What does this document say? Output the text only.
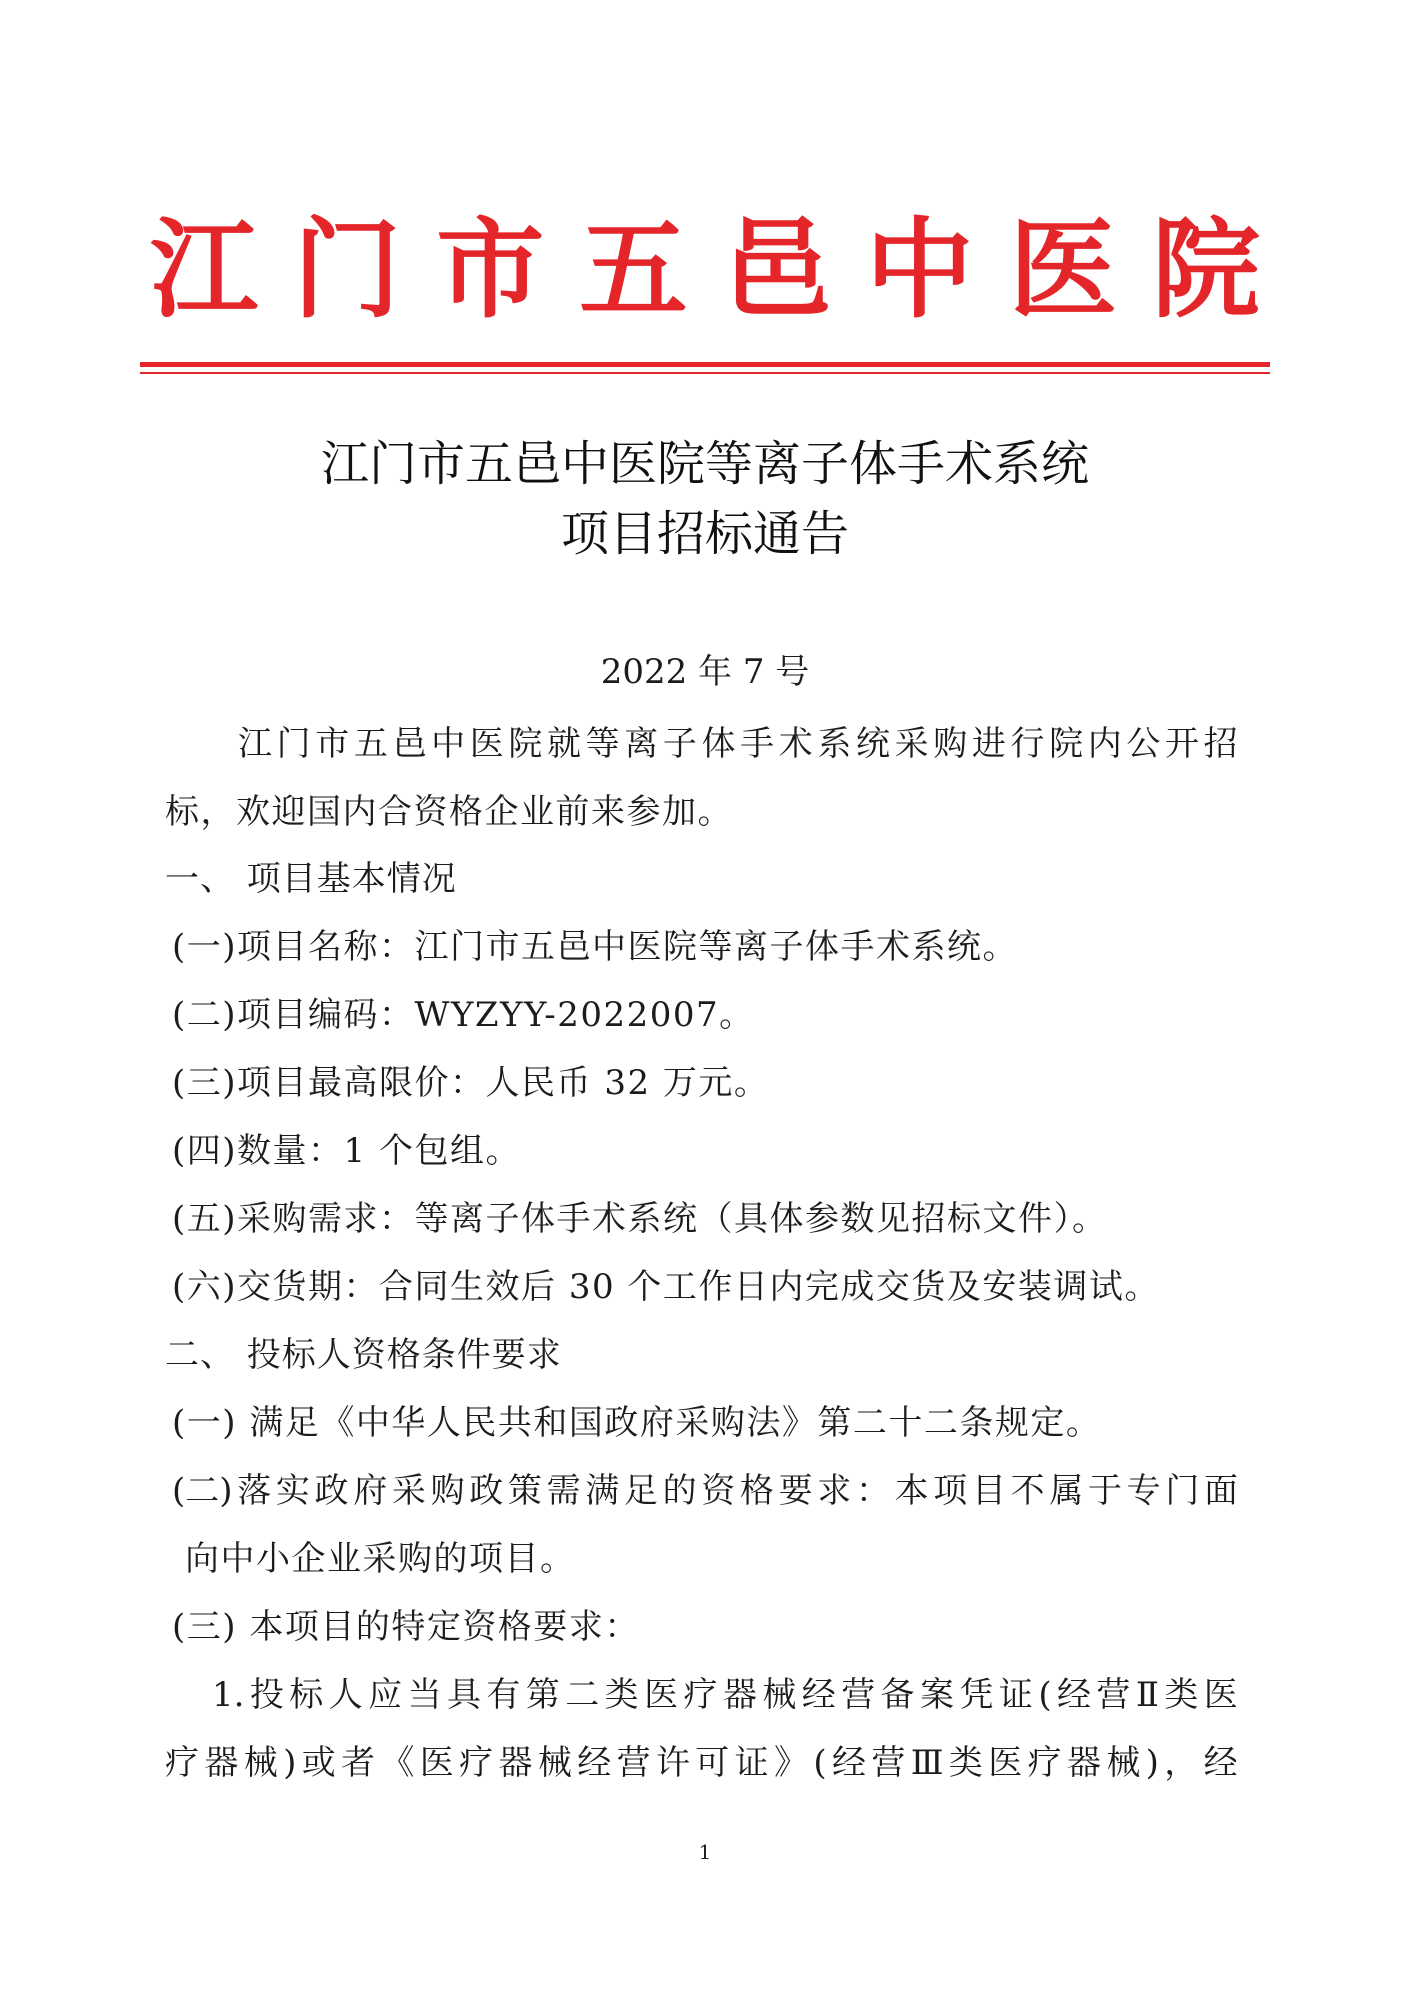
江 门 市 五 邑 中 医 院
江门市五邑中医院等离子体手术系统
项目招标通告
2022 年 7 号
江 门 市 五 邑 中 医 院 就 等 离 子 体 手 术 系 统 采 购 进 行 院 内 公 开 招
标，欢迎国内合资格企业前来参加。
一、 项目基本情况
(一)项目名称：江门市五邑中医院等离子体手术系统。
(二)项目编码：WYZYY-2022007。
(三)项目最高限价：人民币 32 万元。
(四)数量：1 个包组。
(五)采购需求：等离子体手术系统（具体参数见招标文件）。
(六)交货期：合同生效后 30 个工作日内完成交货及安装调试。
二、 投标人资格条件要求
(一) 满足《中华人民共和国政府采购法》第二十二条规定。
(二) 落 实 政 府 采 购 政 策 需 满 足 的 资 格 要 求 ： 本 项 目 不 属 于 专 门 面
向中小企业采购的项目。
(三) 本项目的特定资格要求：
1. 投 标 人 应 当 具 有 第 二 类 医 疗 器 械 经 营 备 案 凭 证 ( 经 营 Ⅱ 类 医
疗 器 械 ) 或 者 《 医 疗 器 械 经 营 许 可 证 》 ( 经 营 Ⅲ 类 医 疗 器 械 ) ， 经
1
